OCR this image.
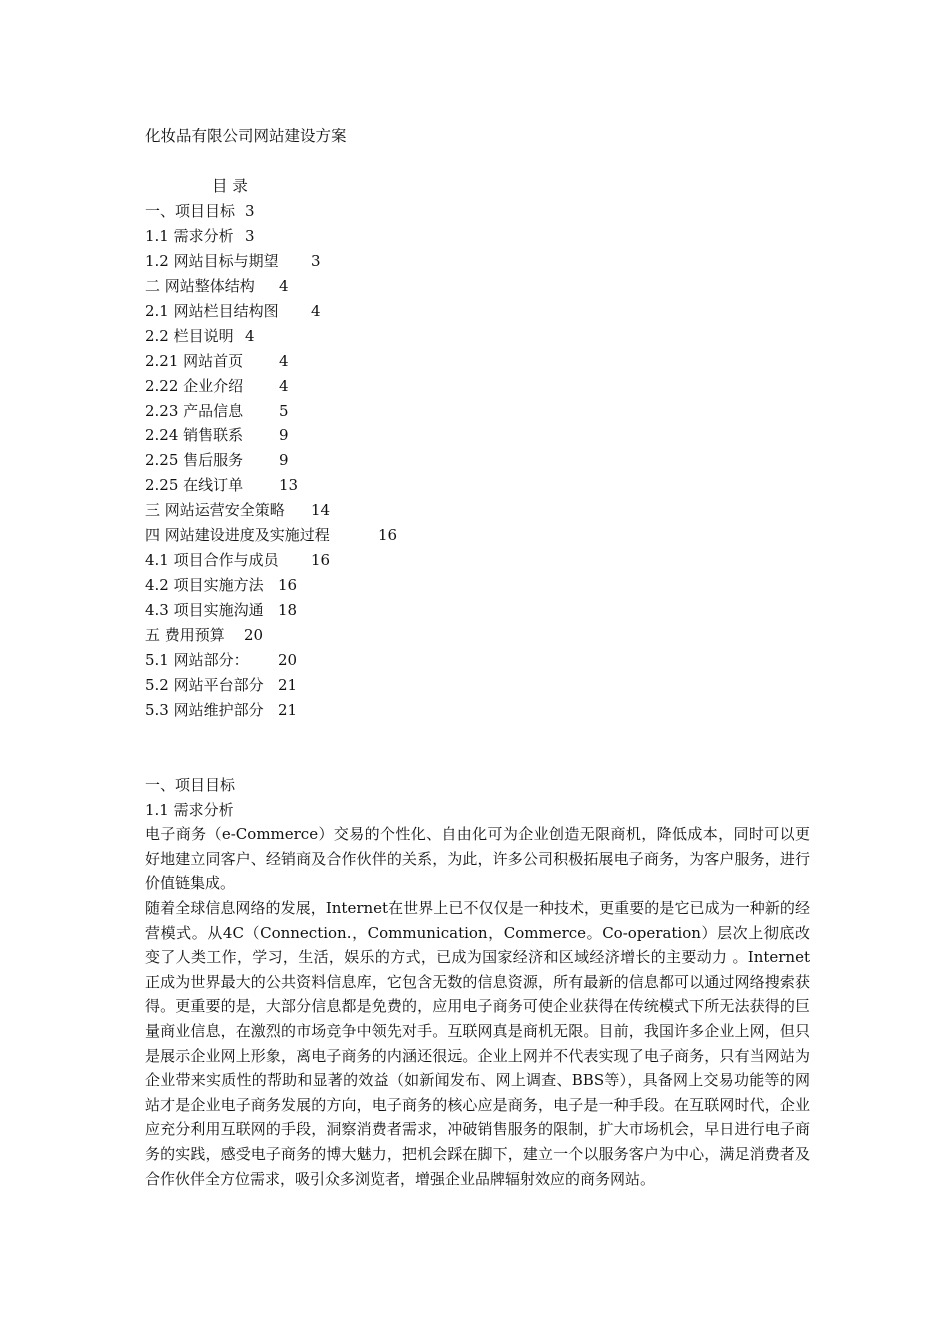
化妆品有限公司网站建设方案
目 录
一、项目目标 3
1.1 需求分析 3
1.2 网站目标与期望 3
二 网站整体结构 4
2.1 网站栏目结构图 4
2.2 栏目说明 4
2.21 网站首页 4
2.22 企业介绍 4
2.23 产品信息 5
2.24 销售联系 9
2.25 售后服务 9
2.25 在线订单 13
三 网站运营安全策略 14
四 网站建设进度及实施过程	16
4.1 项目合作与成员 16
4.2 项目实施方法 16
4.3 项目实施沟通 18
五 费用预算 20
5.1 网站部分： 20
5.2 网站平台部分 21
5.3 网站维护部分 21
一、项目目标
1.1 需求分析
电子商务（e-Commerce）交易的个性化、自由化可为企业创造无限商机，降低成本，同时可以更好地建立同客户、经销商及合作伙伴的关系，为此，许多公司积极拓展电子商务，为客户服务，进行价值链集成。
随着全球信息网络的发展，Internet在世界上已不仅仅是一种技术，更重要的是它已成为一种新的经营模式。从4C（Connection.，Communication，Commerce。Co-operation）层次上彻底改变了人类工作，学习，生活，娱乐的方式，已成为国家经济和区域经济增长的主要动力 。Internet正成为世界最大的公共资料信息库，它包含无数的信息资源，所有最新的信息都可以通过网络搜索获得。更重要的是，大部分信息都是免费的，应用电子商务可使企业获得在传统模式下所无法获得的巨量商业信息，在激烈的市场竞争中领先对手。互联网真是商机无限。目前，我国许多企业上网，但只是展示企业网上形象，离电子商务的内涵还很远。企业上网并不代表实现了电子商务，只有当网站为企业带来实质性的帮助和显著的效益（如新闻发布、网上调查、BBS等），具备网上交易功能等的网站才是企业电子商务发展的方向，电子商务的核心应是商务，电子是一种手段。在互联网时代，企业应充分利用互联网的手段，洞察消费者需求，冲破销售服务的限制，扩大市场机会，早日进行电子商务的实践，感受电子商务的博大魅力，把机会踩在脚下，建立一个以服务客户为中心，满足消费者及合作伙伴全方位需求，吸引众多浏览者，增强企业品牌辐射效应的商务网站。
